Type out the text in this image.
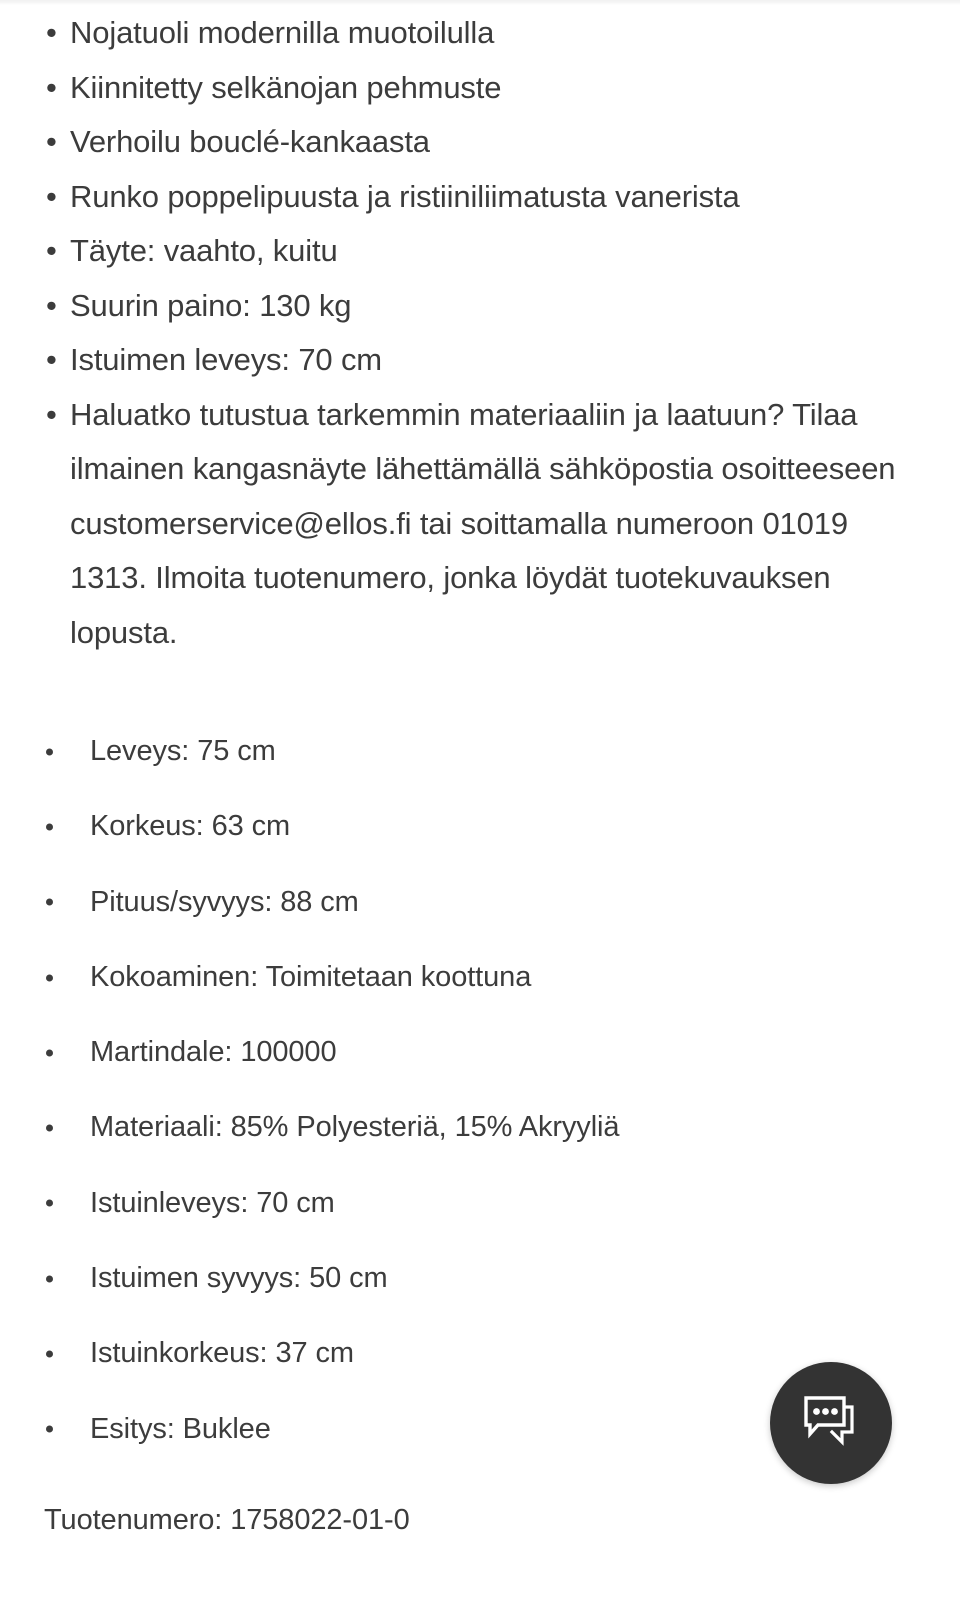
• Nojatuoli modernilla muotoilulla
• Kiinnitetty selkänojan pehmuste
• Verhoilu bouclé-kankaasta
• Runko poppelipuusta ja ristiiniliimatusta vanerista
• Täyte: vaahto, kuitu
• Suurin paino: 130 kg
• Istuimen leveys: 70 cm
• Haluatko tutustua tarkemmin materiaaliin ja laatuun? Tilaa ilmainen kangasnäyte lähettämällä sähköpostia osoitteeseen customerservice@ellos.fi tai soittamalla numeroon 01019 1313. Ilmoita tuotenumero, jonka löydät tuotekuvauksen lopusta.
Leveys: 75 cm
Korkeus: 63 cm
Pituus/syvyys: 88 cm
Kokoaminen: Toimitetaan koottuna
Martindale: 100000
Materiaali: 85% Polyesteriä, 15% Akryyliä
Istuinleveys: 70 cm
Istuimen syvyys: 50 cm
Istuinkorkeus: 37 cm
Esitys: Buklee
Tuotenumero: 1758022-01-0
